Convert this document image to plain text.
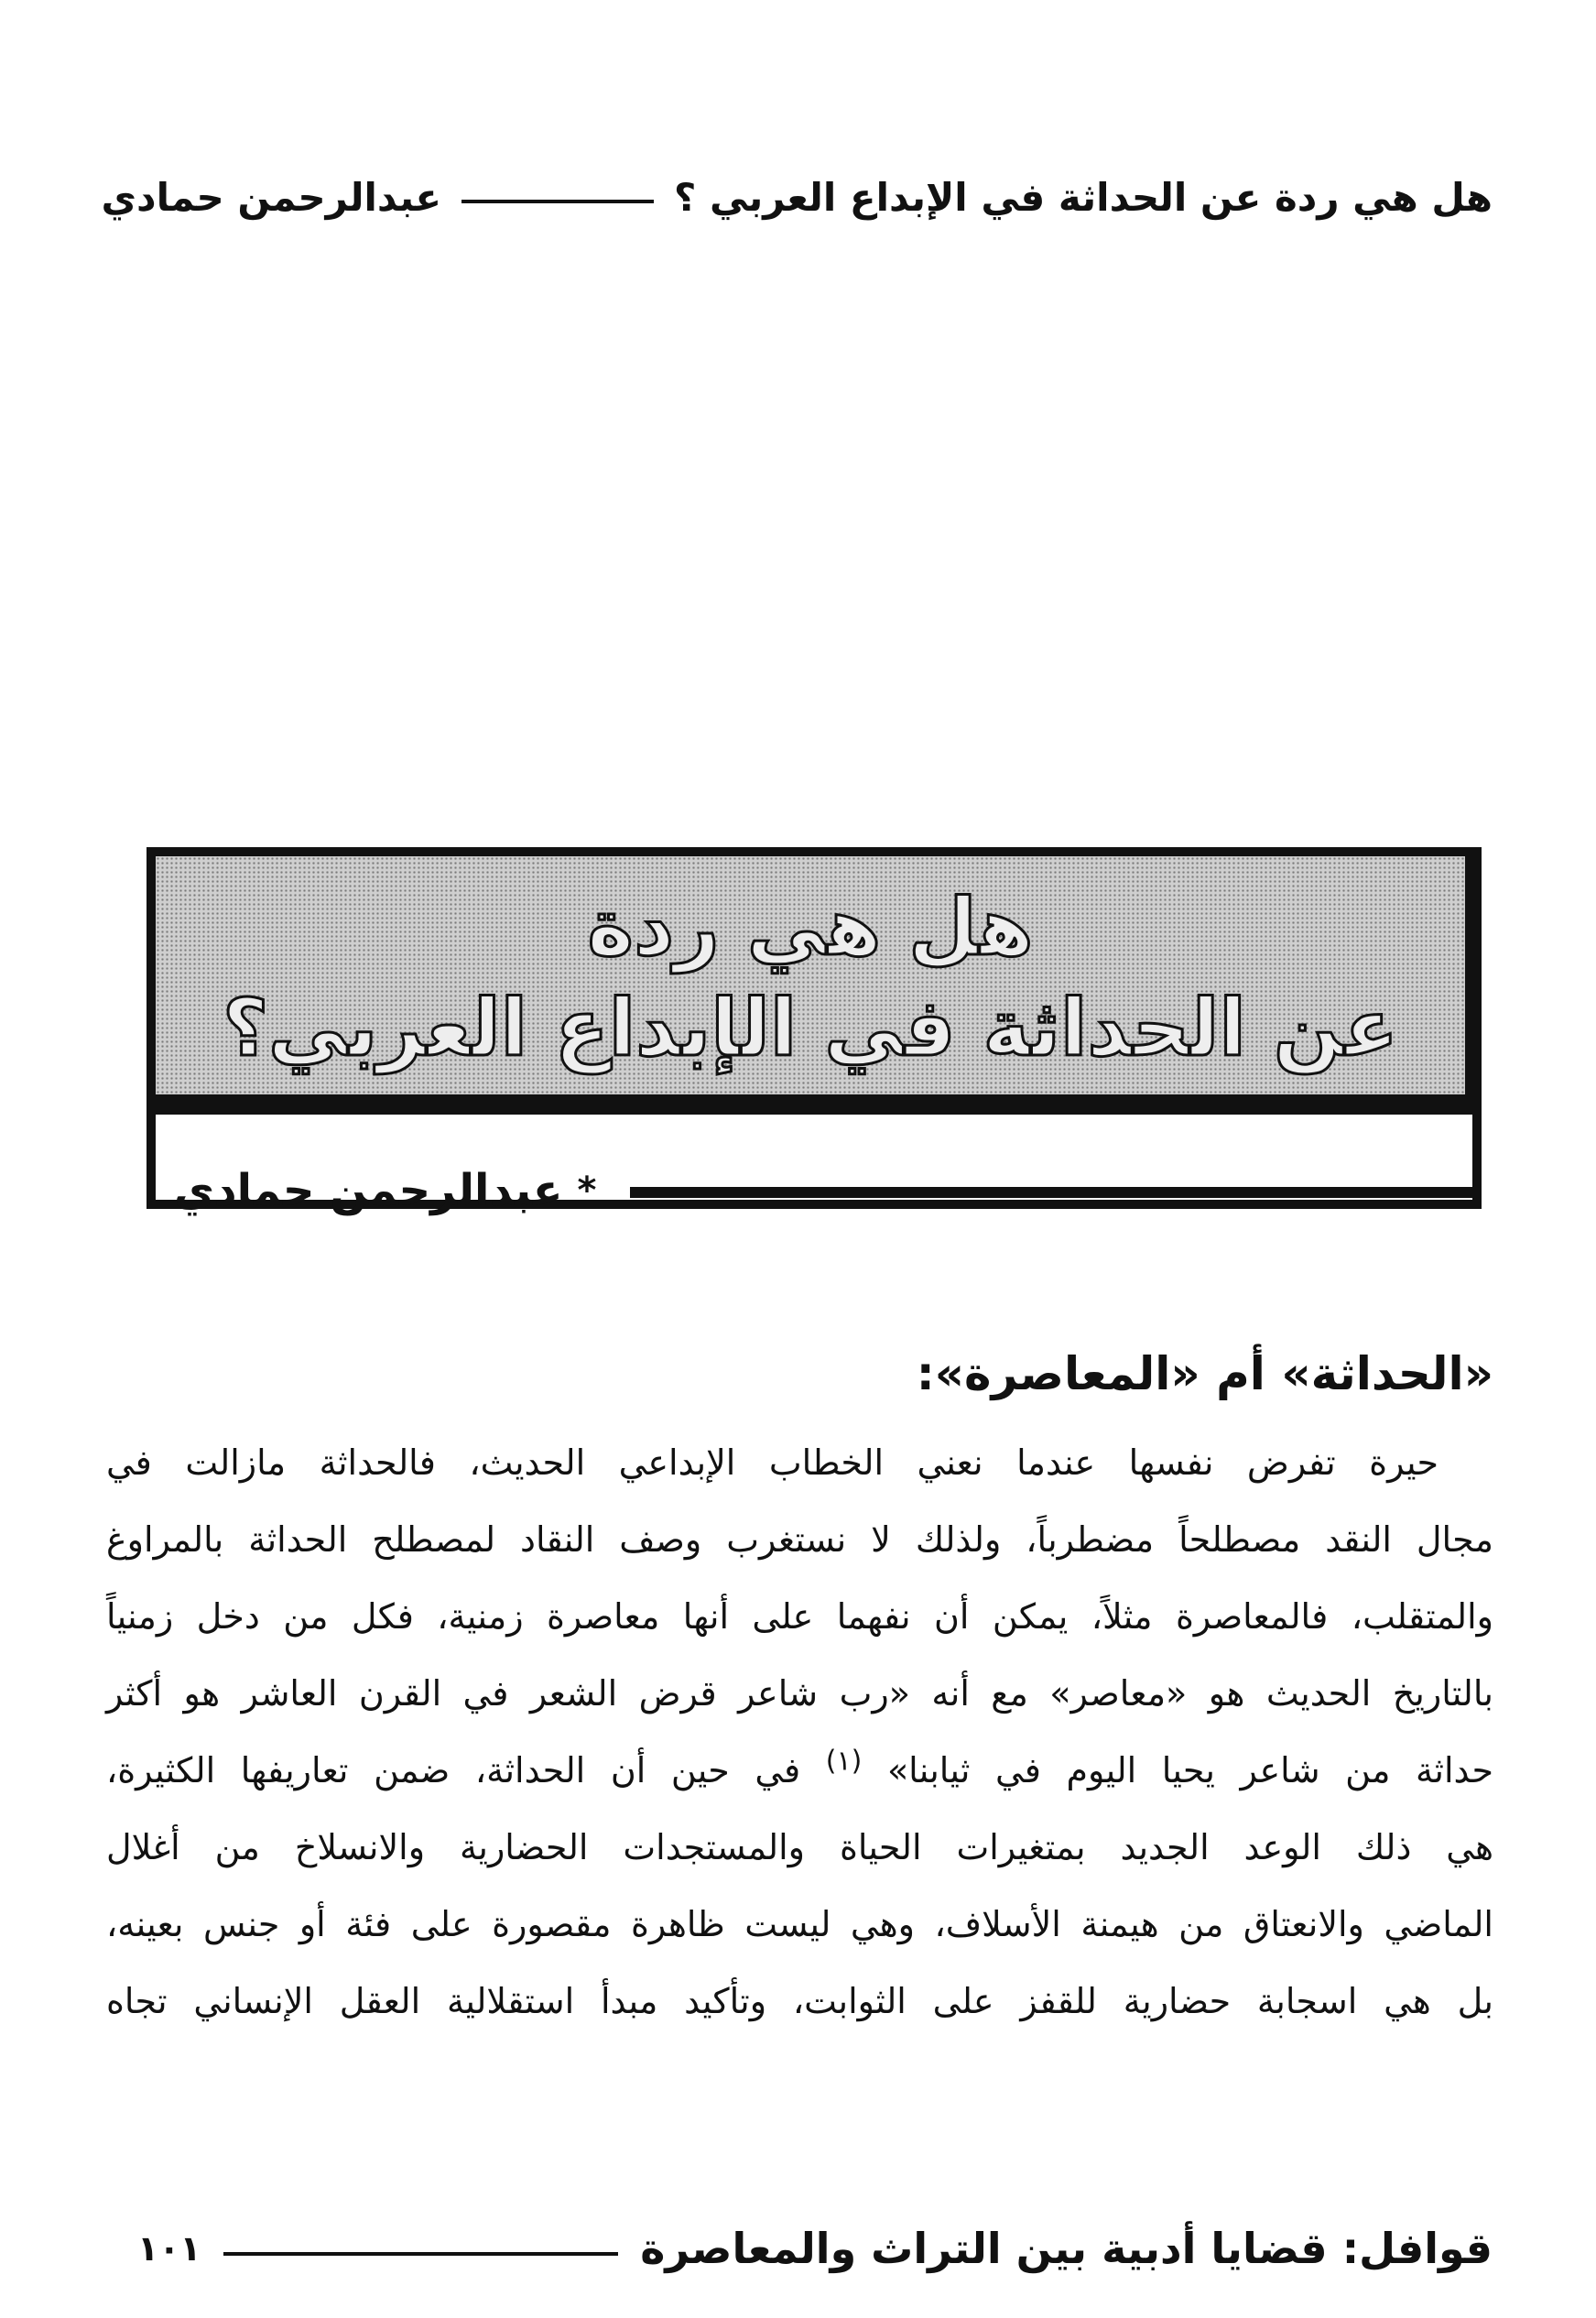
هل هي ردة عن الحداثة في الإبداع العربي ؟
عبدالرحمن حمادي
هل هي ردة
عن الحداثة في الإبداع العربي؟
*
عبدالرحمن حمادي
«الحداثة» أم «المعاصرة»:
حيرة تفرض نفسها عندما نعني الخطاب الإبداعي الحديث، فالحداثة مازالت في
مجال النقد مصطلحاً مضطرباً، ولذلك لا نستغرب وصف النقاد لمصطلح الحداثة بالمراوغ
والمتقلب، فالمعاصرة مثلاً، يمكن أن نفهما على أنها معاصرة زمنية، فكل من دخل زمنياً
بالتاريخ الحديث هو «معاصر» مع أنه «رب شاعر قرض الشعر في القرن العاشر هو أكثر
حداثة من شاعر يحيا اليوم في ثيابنا» $^{(١)}$ في حين أن الحداثة، ضمن تعاريفها الكثيرة،
هي ذلك الوعد الجديد بمتغيرات الحياة والمستجدات الحضارية والانسلاخ من أغلال
الماضي والانعتاق من هيمنة الأسلاف، وهي ليست ظاهرة مقصورة على فئة أو جنس بعينه،
بل هي اسجابة حضارية للقفز على الثوابت، وتأكيد مبدأ استقلالية العقل الإنساني تجاه
قوافل: قضايا أدبية بين التراث والمعاصرة
١٠١
